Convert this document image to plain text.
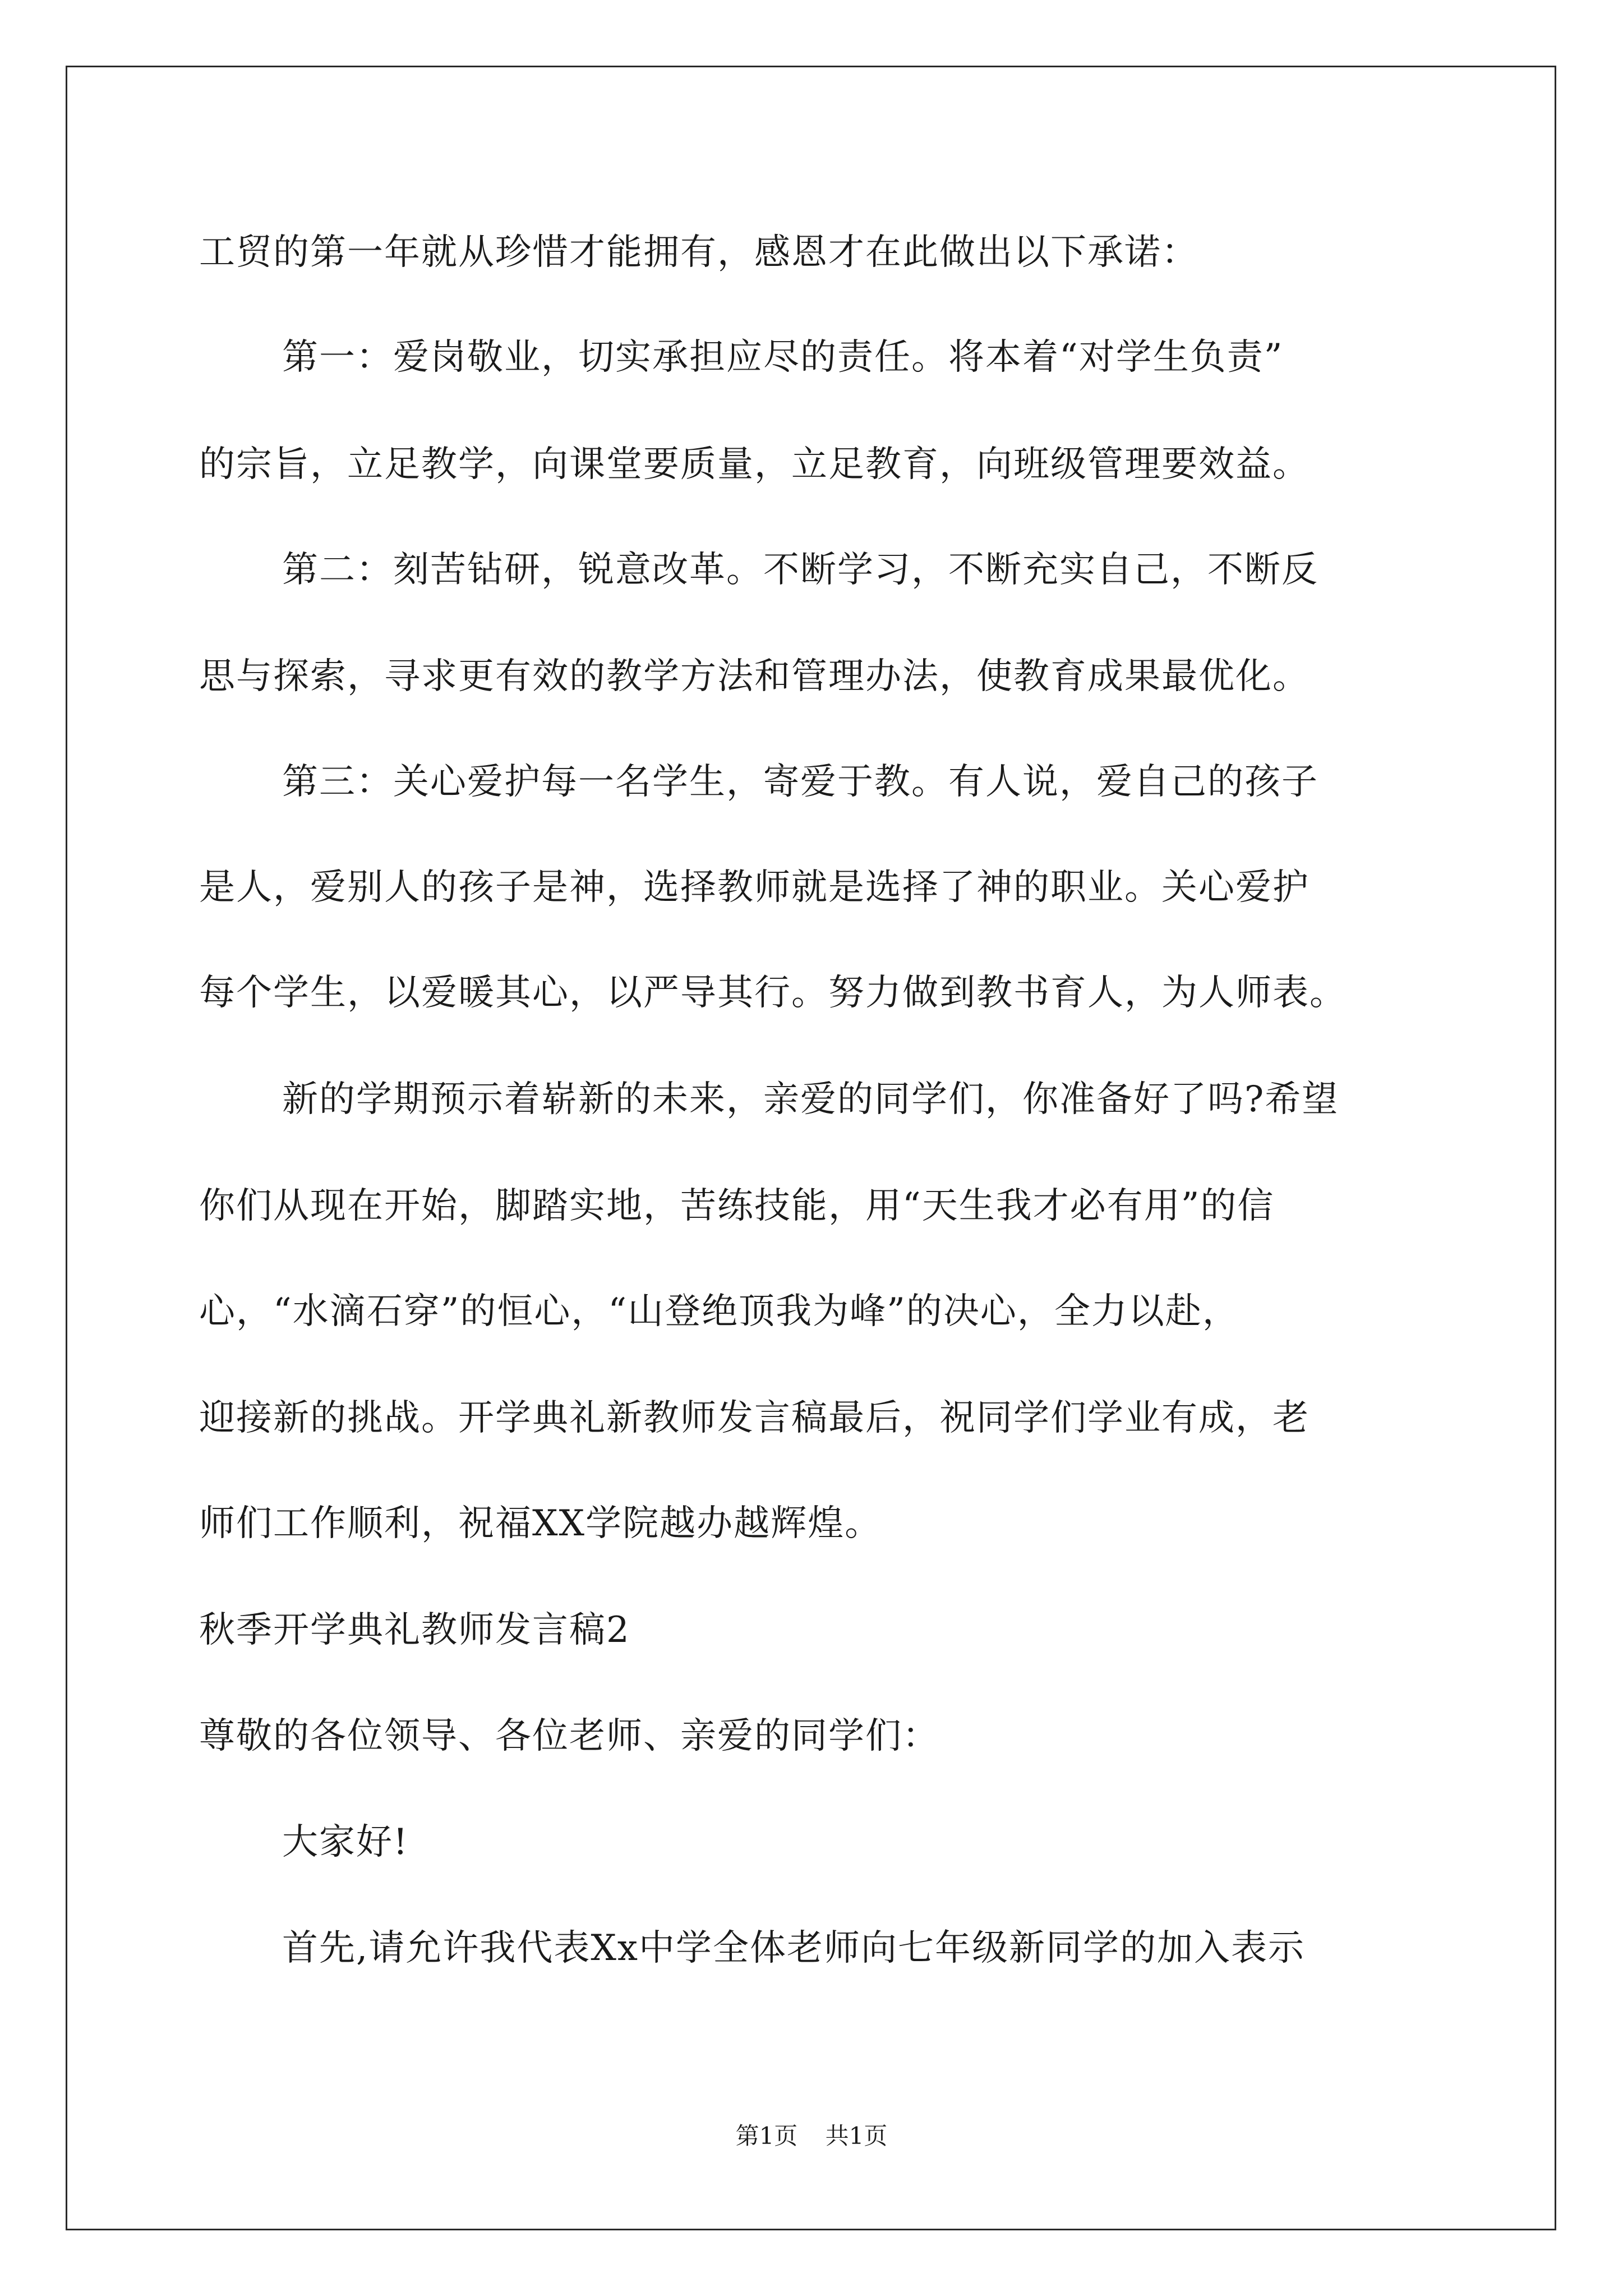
工贸的第一年就从珍惜才能拥有，感恩才在此做出以下承诺：
第一：爱岗敬业，切实承担应尽的责任。将本着“对学生负责”
的宗旨，立足教学，向课堂要质量，立足教育，向班级管理要效益。
第二：刻苦钻研，锐意改革。不断学习，不断充实自己，不断反
思与探索，寻求更有效的教学方法和管理办法，使教育成果最优化。
第三：关心爱护每一名学生，寄爱于教。有人说，爱自己的孩子
是人，爱别人的孩子是神，选择教师就是选择了神的职业。关心爱护
每个学生，以爱暖其心，以严导其行。努力做到教书育人，为人师表。
新的学期预示着崭新的未来，亲爱的同学们，你准备好了吗?希望
你们从现在开始，脚踏实地，苦练技能，用“天生我才必有用”的信
心，“水滴石穿”的恒心，“山登绝顶我为峰”的决心，全力以赴，
迎接新的挑战。开学典礼新教师发言稿最后，祝同学们学业有成，老
师们工作顺利，祝福XX学院越办越辉煌。
秋季开学典礼教师发言稿2
尊敬的各位领导、各位老师、亲爱的同学们：
大家好!
首先,请允许我代表Xx中学全体老师向七年级新同学的加入表示
第1页 共1页
